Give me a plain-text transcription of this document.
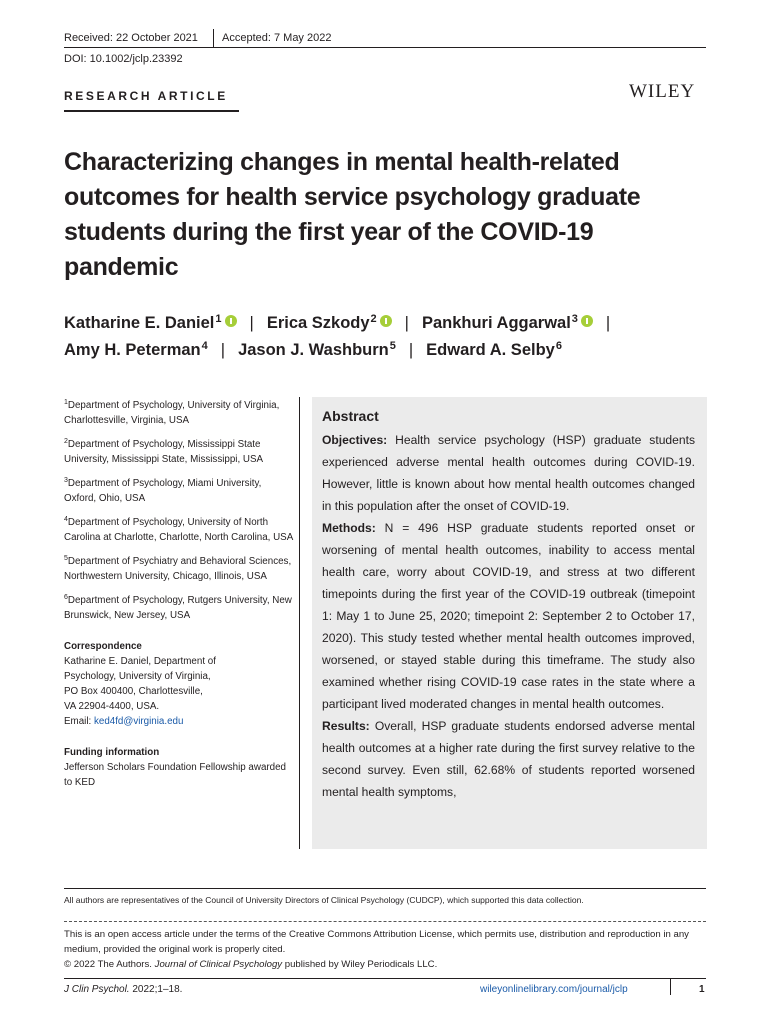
Received: 22 October 2021 Accepted: 7 May 2022
DOI: 10.1002/jclp.23392
RESEARCH ARTICLE	WILEY
Characterizing changes in mental health-related outcomes for health service psychology graduate students during the first year of the COVID-19 pandemic
Katharine E. Daniel$^1$ | Erica Szkody$^2$ | Pankhuri Aggarwal$^3$ |
Amy H. Peterman$^4$ | Jason J. Washburn$^5$ | Edward A. Selby$^6$
$^1$Department of Psychology, University of Virginia, Charlottesville, Virginia, USA
$^2$Department of Psychology, Mississippi State University, Mississippi State, Mississippi, USA
$^3$Department of Psychology, Miami University, Oxford, Ohio, USA
$^4$Department of Psychology, University of North Carolina at Charlotte, Charlotte, North Carolina, USA
$^5$Department of Psychiatry and Behavioral Sciences, Northwestern University, Chicago, Illinois, USA
$^6$Department of Psychology, Rutgers University, New Brunswick, New Jersey, USA
Correspondence
Katharine E. Daniel, Department of
Psychology, University of Virginia,
PO Box 400400, Charlottesville,
VA 22904-4400, USA.
Email: ked4fd@virginia.edu
Funding information
Jefferson Scholars Foundation Fellowship awarded to KED
Abstract
Objectives: Health service psychology (HSP) graduate students experienced adverse mental health outcomes during COVID-19. However, little is known about how mental health outcomes changed in this population after the onset of COVID-19.
Methods: N = 496 HSP graduate students reported onset or worsening of mental health outcomes, inability to access mental health care, worry about COVID-19, and stress at two different timepoints during the first year of the COVID-19 outbreak (timepoint 1: May 1 to June 25, 2020; timepoint 2: September 2 to October 17, 2020). This study tested whether mental health outcomes improved, worsened, or stayed stable during this timeframe. The study also examined whether rising COVID-19 case rates in the state where a participant lived moderated changes in mental health outcomes.
Results: Overall, HSP graduate students endorsed adverse mental health outcomes at a higher rate during the first survey relative to the second survey. Even still, 62.68% of students reported worsened mental health symptoms,
All authors are representatives of the Council of University Directors of Clinical Psychology (CUDCP), which supported this data collection.
This is an open access article under the terms of the Creative Commons Attribution License, which permits use, distribution and reproduction in any medium, provided the original work is properly cited.
© 2022 The Authors. Journal of Clinical Psychology published by Wiley Periodicals LLC.
J Clin Psychol. 2022;1–18.	wileyonlinelibrary.com/journal/jclp	1
